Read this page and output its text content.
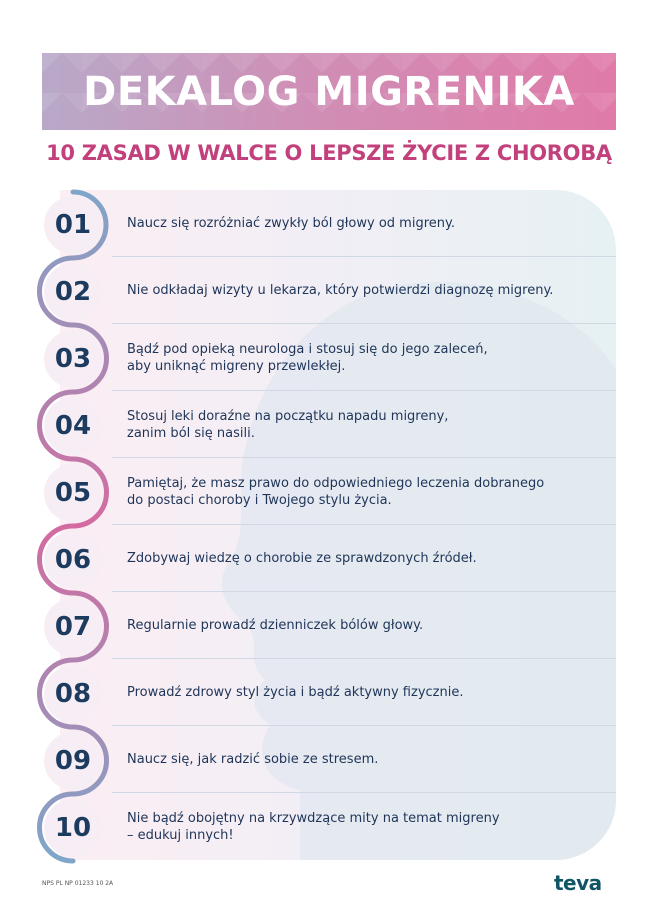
DEKALOG MIGRENIKA
10 ZASAD W WALCE O LEPSZE ŻYCIE Z CHOROBĄ
01	Naucz się rozróżniać zwykły ból głowy od migreny.
02	Nie odkładaj wizyty u lekarza, który potwierdzi diagnozę migreny.
03	Bądź pod opieką neurologa i stosuj się do jego zaleceń,
aby uniknąć migreny przewlekłej.
04	Stosuj leki doraźne na początku napadu migreny,
zanim ból się nasili.
05	Pamiętaj, że masz prawo do odpowiedniego leczenia dobranego
do postaci choroby i Twojego stylu życia.
06	Zdobywaj wiedzę o chorobie ze sprawdzonych źródeł.
07	Regularnie prowadź dzienniczek bólów głowy.
08	Prowadź zdrowy styl życia i bądź aktywny fizycznie.
09	Naucz się, jak radzić sobie ze stresem.
10	Nie bądź obojętny na krzywdzące mity na temat migreny
– edukuj innych!
NPS PL NP 01233 10 2A	teva
